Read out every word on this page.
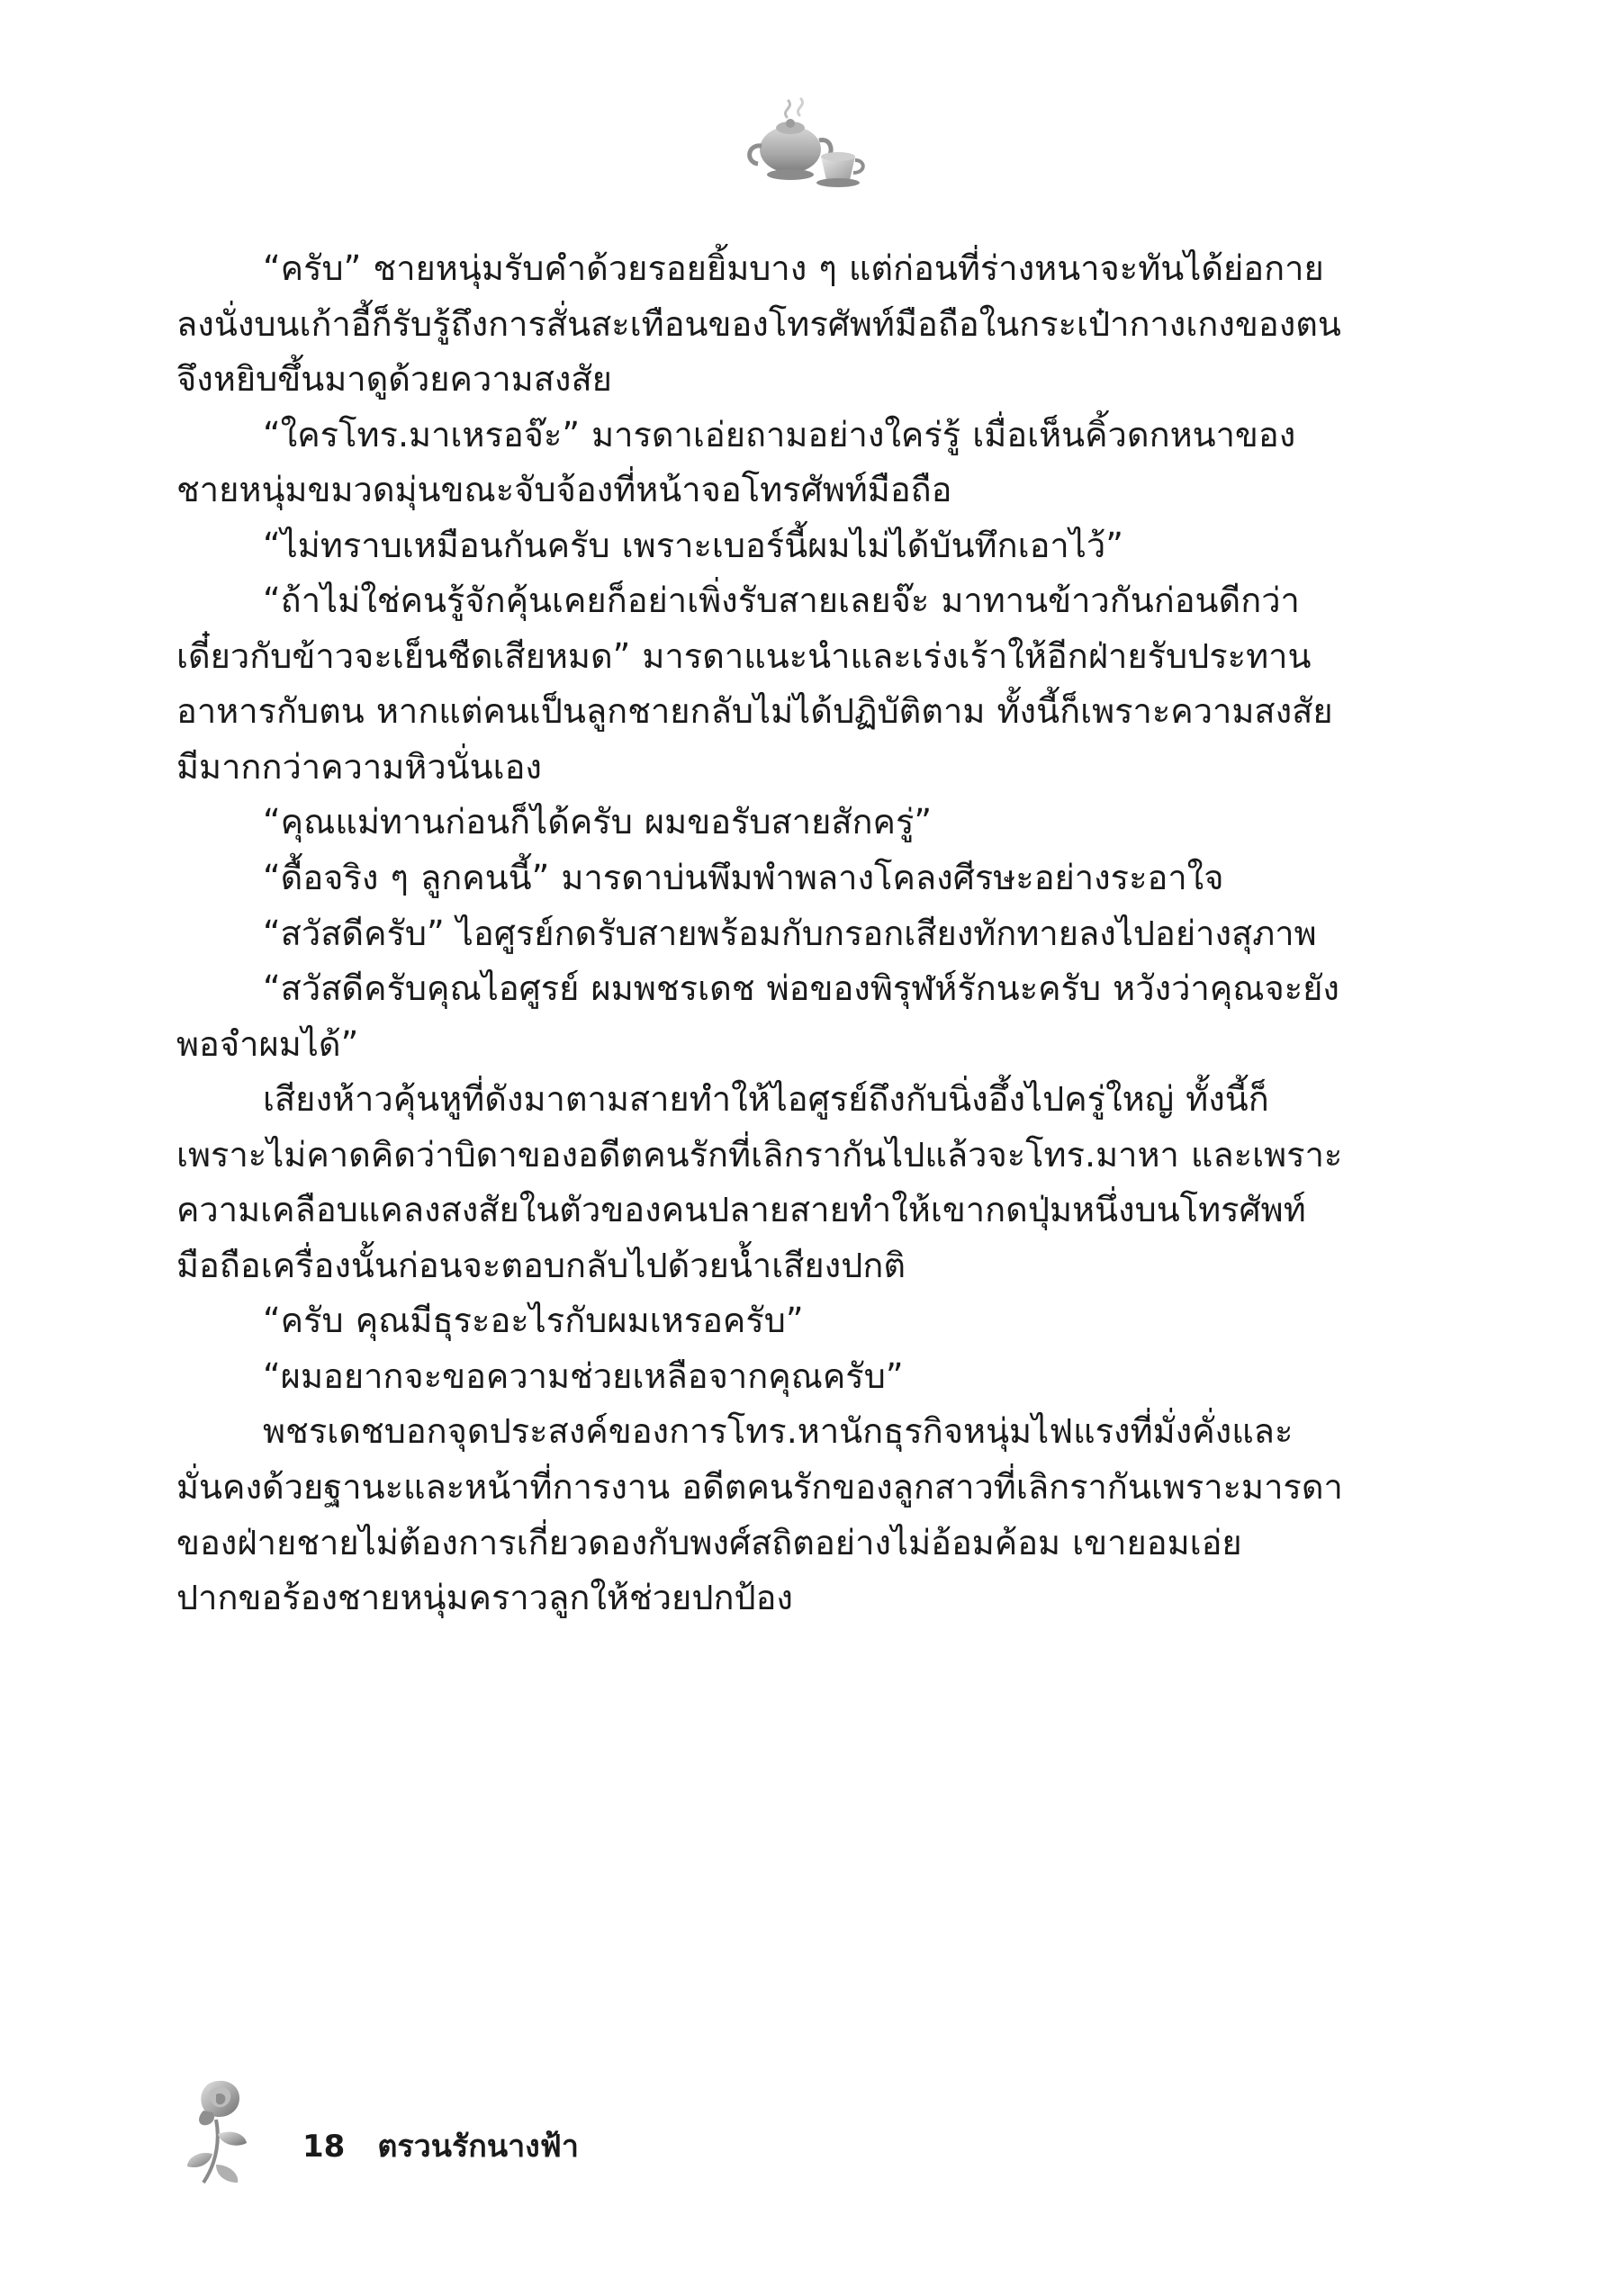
“ครับ” ชายหนุ่มรับคำด้วยรอยยิ้มบาง ๆ แต่ก่อนที่ร่างหนาจะทันได้ย่อกายลงนั่งบนเก้าอี้ก็รับรู้ถึงการสั่นสะเทือนของโทรศัพท์มือถือในกระเป๋ากางเกงของตนจึงหยิบขึ้นมาดูด้วยความสงสัย

“ใครโทร.มาเหรอจ๊ะ” มารดาเอ่ยถามอย่างใคร่รู้ เมื่อเห็นคิ้วดกหนาของชายหนุ่มขมวดมุ่นขณะจับจ้องที่หน้าจอโทรศัพท์มือถือ

“ไม่ทราบเหมือนกันครับ เพราะเบอร์นี้ผมไม่ได้บันทึกเอาไว้”

“ถ้าไม่ใช่คนรู้จักคุ้นเคยก็อย่าเพิ่งรับสายเลยจ๊ะ มาทานข้าวกันก่อนดีกว่า เดี๋ยวกับข้าวจะเย็นชืดเสียหมด” มารดาแนะนำและเร่งเร้าให้อีกฝ่ายรับประทานอาหารกับตน หากแต่คนเป็นลูกชายกลับไม่ได้ปฏิบัติตาม ทั้งนี้ก็เพราะความสงสัยมีมากกว่าความหิวนั่นเอง

“คุณแม่ทานก่อนก็ได้ครับ ผมขอรับสายสักครู่”

“ดื้อจริง ๆ ลูกคนนี้” มารดาบ่นพึมพำพลางโคลงศีรษะอย่างระอาใจ

“สวัสดีครับ” ไอศูรย์กดรับสายพร้อมกับกรอกเสียงทักทายลงไปอย่างสุภาพ

“สวัสดีครับคุณไอศูรย์ ผมพชรเดช พ่อของพิรุฬห์รักนะครับ หวังว่าคุณจะยังพอจำผมได้”

เสียงห้าวคุ้นหูที่ดังมาตามสายทำให้ไอศูรย์ถึงกับนิ่งอึ้งไปครู่ใหญ่ ทั้งนี้ก็เพราะไม่คาดคิดว่าบิดาของอดีตคนรักที่เลิกรากันไปแล้วจะโทร.มาหา และเพราะความเคลือบแคลงสงสัยในตัวของคนปลายสายทำให้เขากดปุ่มหนึ่งบนโทรศัพท์มือถือเครื่องนั้นก่อนจะตอบกลับไปด้วยน้ำเสียงปกติ

“ครับ คุณมีธุระอะไรกับผมเหรอครับ”

“ผมอยากจะขอความช่วยเหลือจากคุณครับ”

พชรเดชบอกจุดประสงค์ของการโทร.หานักธุรกิจหนุ่มไฟแรงที่มั่งคั่งและมั่นคงด้วยฐานะและหน้าที่การงาน อดีตคนรักของลูกสาวที่เลิกรากันเพราะมารดาของฝ่ายชายไม่ต้องการเกี่ยวดองกับพงศ์สถิตอย่างไม่อ้อมค้อม เขายอมเอ่ยปากขอร้องชายหนุ่มคราวลูกให้ช่วยปกป้อง

18 ตรวนรักนางฟ้า
